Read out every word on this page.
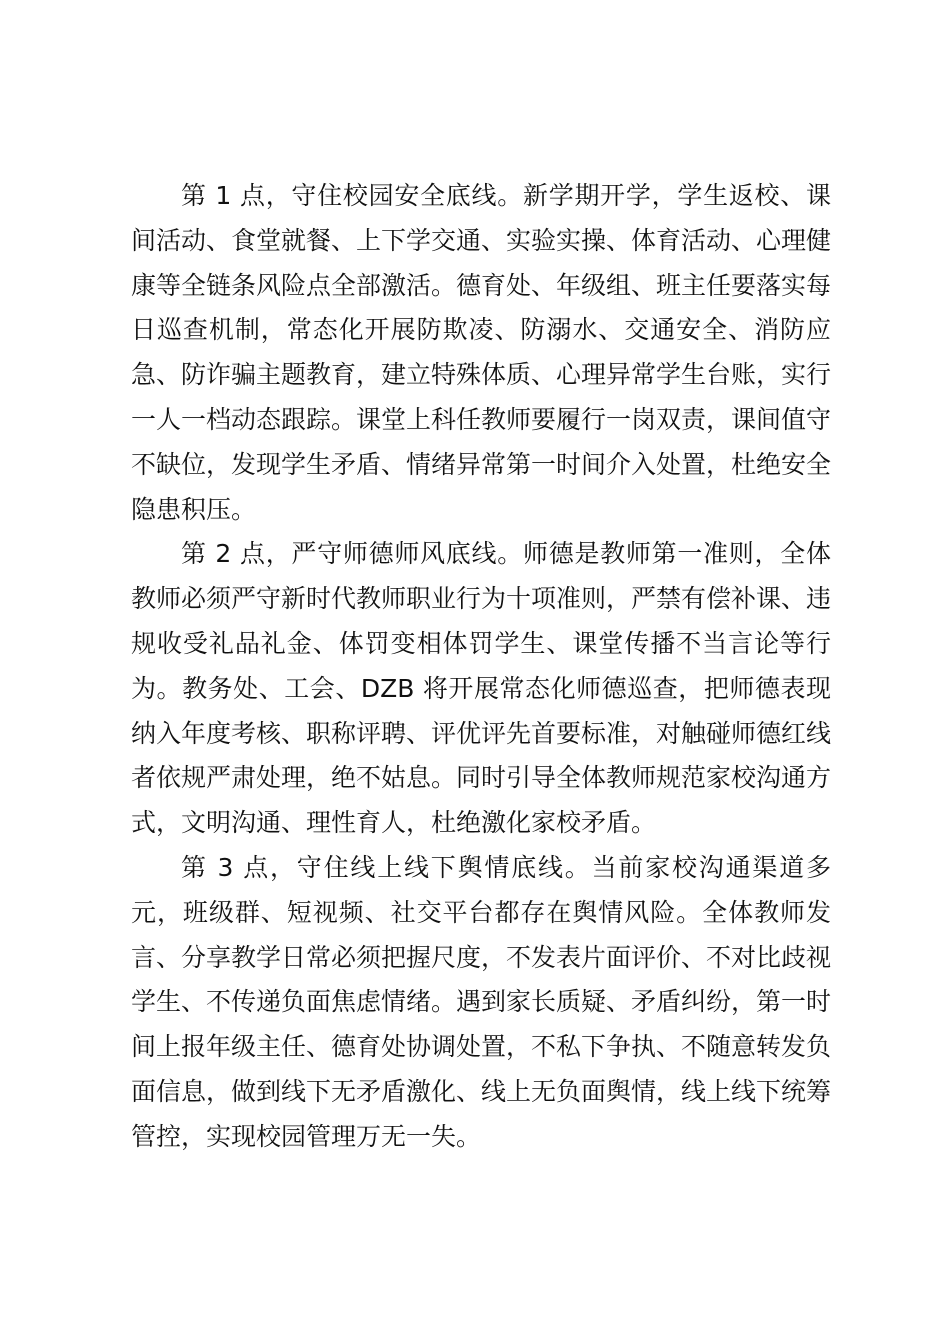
第 1 点，守住校园安全底线。新学期开学，学生返校、课间活动、食堂就餐、上下学交通、实验实操、体育活动、心理健康等全链条风险点全部激活。德育处、年级组、班主任要落实每日巡查机制，常态化开展防欺凌、防溺水、交通安全、消防应急、防诈骗主题教育，建立特殊体质、心理异常学生台账，实行一人一档动态跟踪。课堂上科任教师要履行一岗双责，课间值守不缺位，发现学生矛盾、情绪异常第一时间介入处置，杜绝安全隐患积压。

第 2 点，严守师德师风底线。师德是教师第一准则，全体教师必须严守新时代教师职业行为十项准则，严禁有偿补课、违规收受礼品礼金、体罚变相体罚学生、课堂传播不当言论等行为。教务处、工会、DZB 将开展常态化师德巡查，把师德表现纳入年度考核、职称评聘、评优评先首要标准，对触碰师德红线者依规严肃处理，绝不姑息。同时引导全体教师规范家校沟通方式，文明沟通、理性育人，杜绝激化家校矛盾。

第 3 点，守住线上线下舆情底线。当前家校沟通渠道多元，班级群、短视频、社交平台都存在舆情风险。全体教师发言、分享教学日常必须把握尺度，不发表片面评价、不对比歧视学生、不传递负面焦虑情绪。遇到家长质疑、矛盾纠纷，第一时间上报年级主任、德育处协调处置，不私下争执、不随意转发负面信息，做到线下无矛盾激化、线上无负面舆情，线上线下统筹管控，实现校园管理万无一失。
